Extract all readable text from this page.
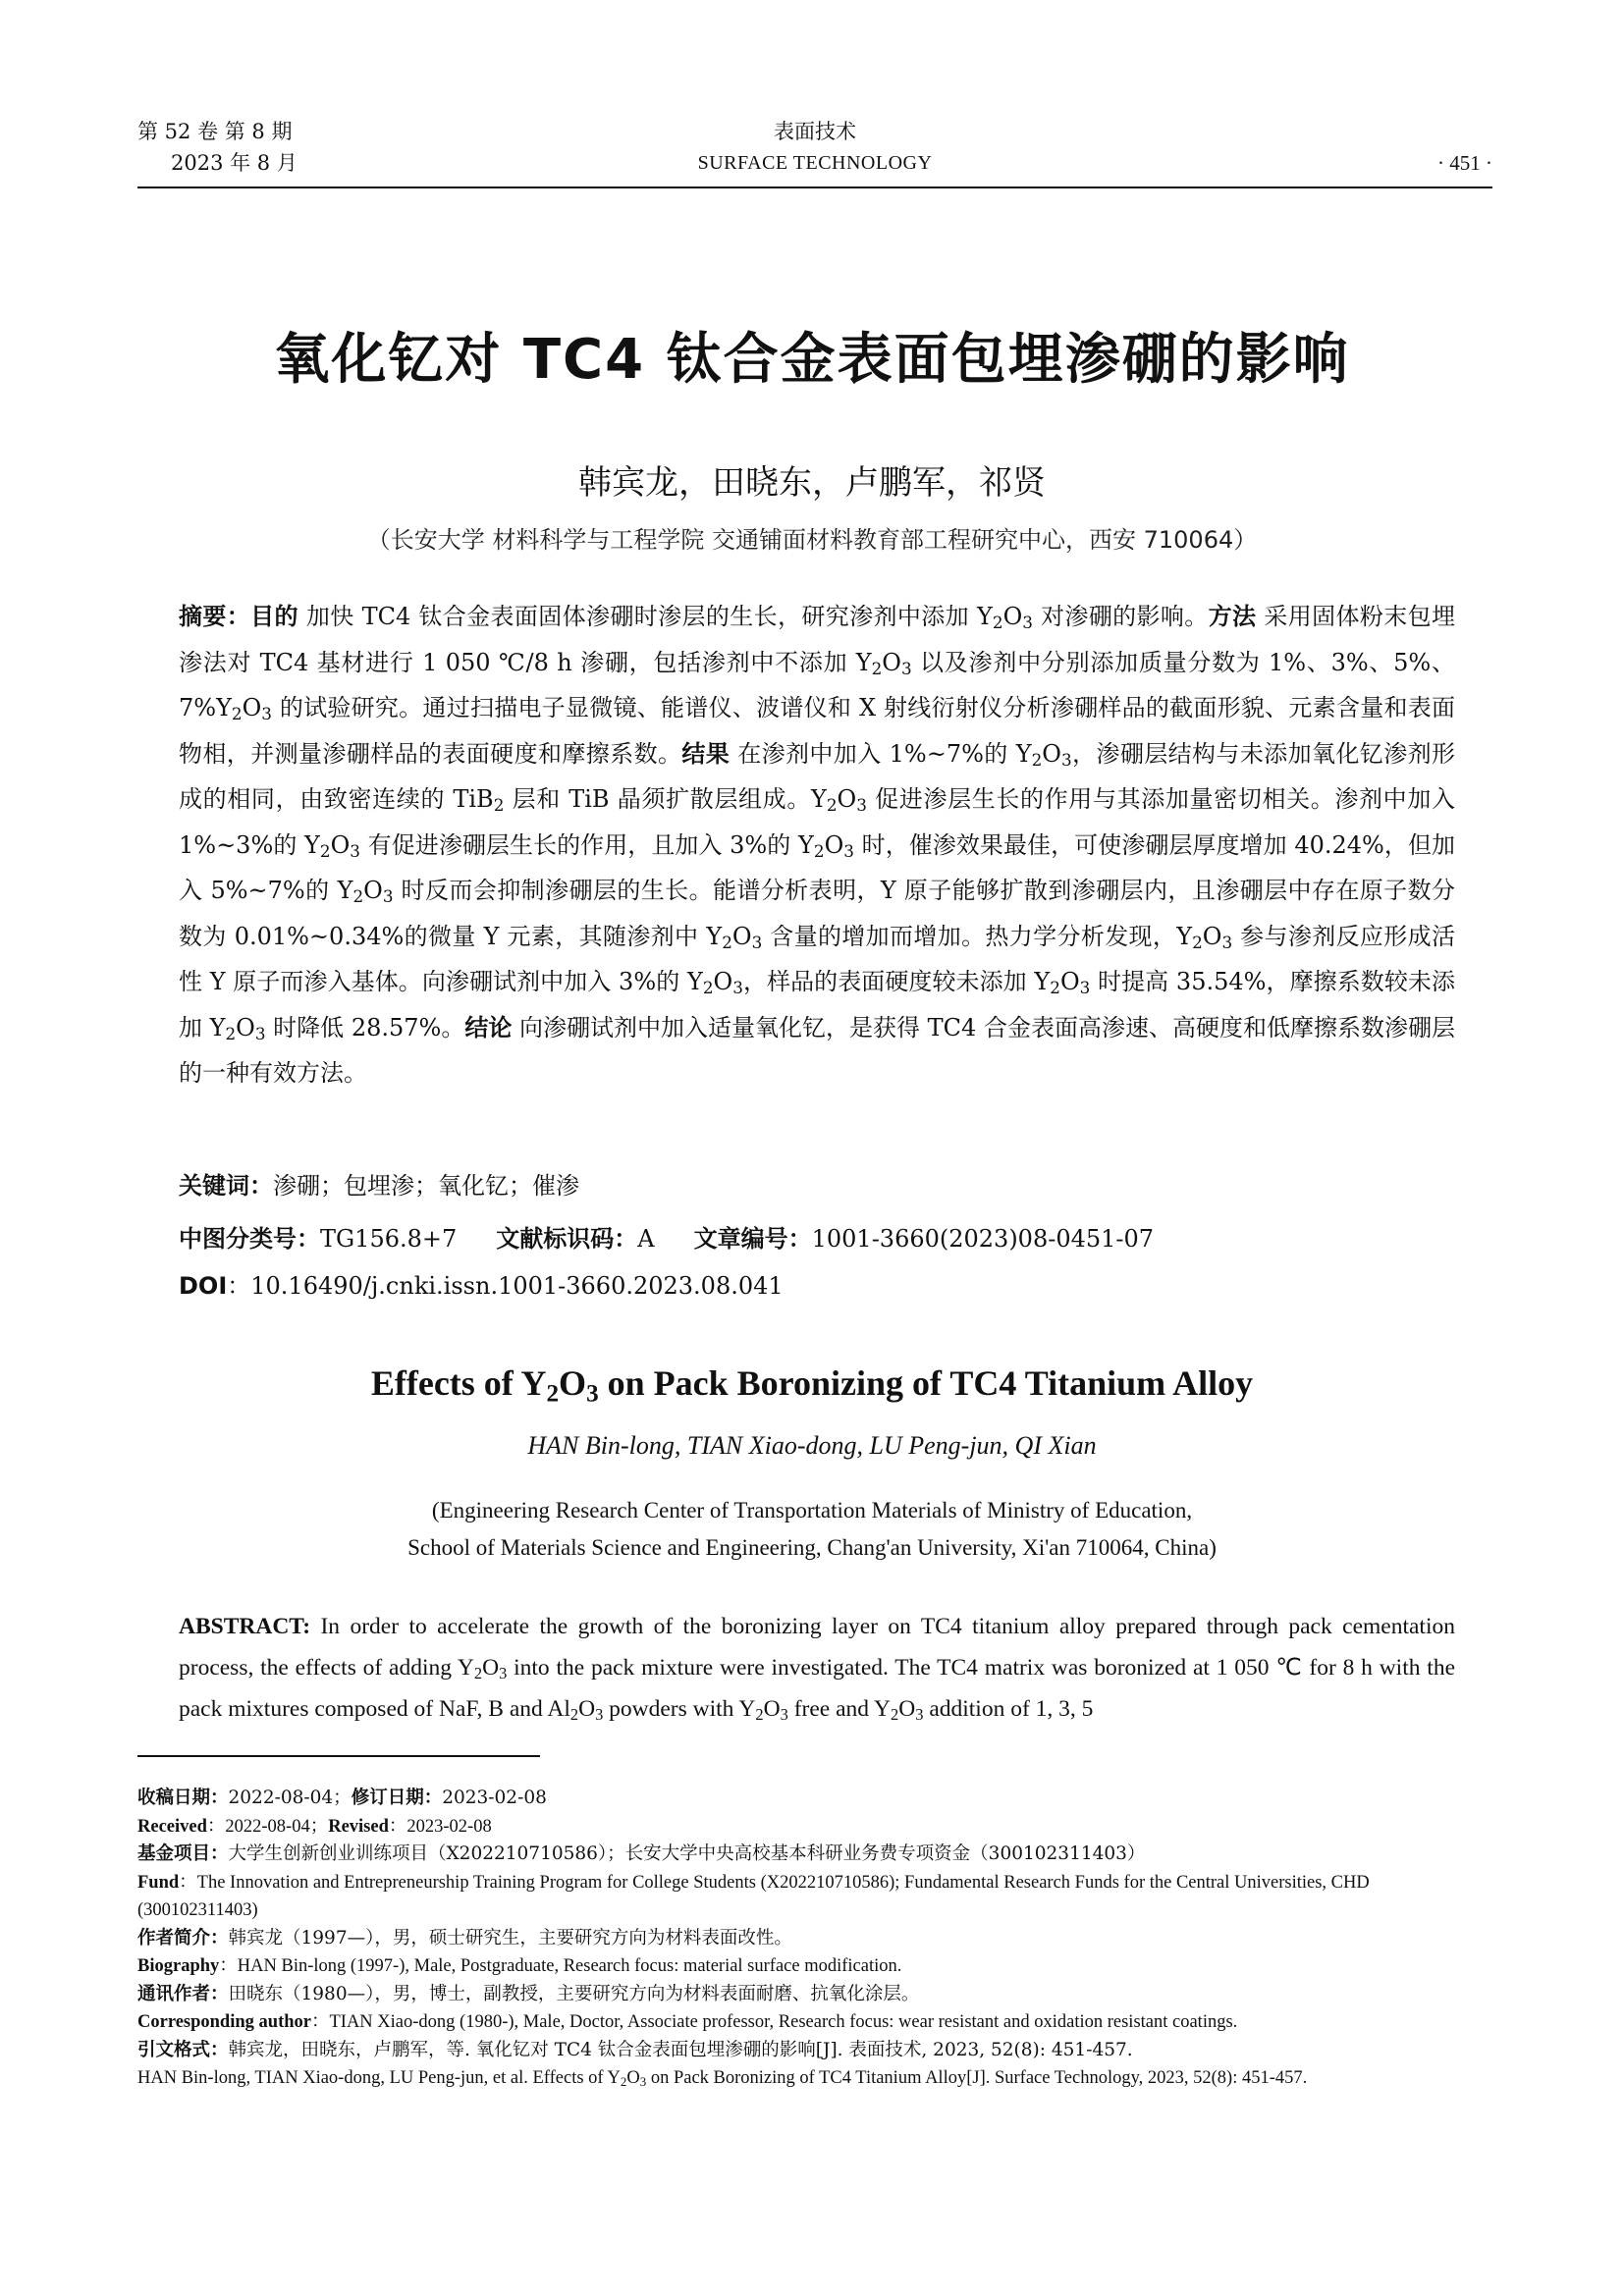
第 52 卷 第 8 期
2023 年 8 月
表面技术
SURFACE TECHNOLOGY	· 451 ·
氧化钇对 TC4 钛合金表面包埋渗硼的影响
韩宾龙，田晓东，卢鹏军，祁贤
（长安大学 材料科学与工程学院 交通铺面材料教育部工程研究中心，西安 710064）
摘要：目的 加快 TC4 钛合金表面固体渗硼时渗层的生长，研究渗剂中添加 $Y_2O_3$ 对渗硼的影响。方法 采用固体粉末包埋渗法对 TC4 基材进行 1 050 ℃/8 h 渗硼，包括渗剂中不添加 $Y_2O_3$ 以及渗剂中分别添加质量分数为 1%、3%、5%、$7\%Y_2O_3$ 的试验研究。通过扫描电子显微镜、能谱仪、波谱仪和 X 射线衍射仪分析渗硼样品的截面形貌、元素含量和表面物相，并测量渗硼样品的表面硬度和摩擦系数。结果 在渗剂中加入 1%~7%的 $Y_2O_3$，渗硼层结构与未添加氧化钇渗剂形成的相同，由致密连续的 TiB$_2$ 层和 TiB 晶须扩散层组成。$Y_2O_3$ 促进渗层生长的作用与其添加量密切相关。渗剂中加入 1%~3%的 $Y_2O_3$ 有促进渗硼层生长的作用，且加入 3%的 $Y_2O_3$ 时，催渗效果最佳，可使渗硼层厚度增加 40.24%，但加入 5%~7%的 $Y_2O_3$ 时反而会抑制渗硼层的生长。能谱分析表明，Y 原子能够扩散到渗硼层内，且渗硼层中存在原子数分数为 0.01%~0.34%的微量 Y 元素，其随渗剂中 $Y_2O_3$ 含量的增加而增加。热力学分析发现，$Y_2O_3$ 参与渗剂反应形成活性 Y 原子而渗入基体。向渗硼试剂中加入 3%的 $Y_2O_3$，样品的表面硬度较未添加 $Y_2O_3$ 时提高 35.54%，摩擦系数较未添加 $Y_2O_3$ 时降低 28.57%。结论 向渗硼试剂中加入适量氧化钇，是获得 TC4 合金表面高渗速、高硬度和低摩擦系数渗硼层的一种有效方法。
关键词：渗硼；包埋渗；氧化钇；催渗
中图分类号：TG156.8+7 文献标识码：A 文章编号：1001-3660(2023)08-0451-07
DOI：10.16490/j.cnki.issn.1001-3660.2023.08.041
Effects of $Y_2O_3$ on Pack Boronizing of TC4 Titanium Alloy
HAN Bin-long, TIAN Xiao-dong, LU Peng-jun, QI Xian
(Engineering Research Center of Transportation Materials of Ministry of Education,
School of Materials Science and Engineering, Chang'an University, Xi'an 710064, China)
ABSTRACT: In order to accelerate the growth of the boronizing layer on TC4 titanium alloy prepared through pack cementation process, the effects of adding $Y_2O_3$ into the pack mixture were investigated. The TC4 matrix was boronized at 1 050 ℃ for 8 h with the pack mixtures composed of NaF, B and $Al_2O_3$ powders with $Y_2O_3$ free and $Y_2O_3$ addition of 1, 3, 5
收稿日期：2022-08-04；修订日期：2023-02-08
Received：2022-08-04；Revised：2023-02-08
基金项目：大学生创新创业训练项目（X202210710586）；长安大学中央高校基本科研业务费专项资金（300102311403）
Fund：The Innovation and Entrepreneurship Training Program for College Students (X202210710586); Fundamental Research Funds for the Central Universities, CHD (300102311403)
作者简介：韩宾龙（1997—），男，硕士研究生，主要研究方向为材料表面改性。
Biography：HAN Bin-long (1997-), Male, Postgraduate, Research focus: material surface modification.
通讯作者：田晓东（1980—），男，博士，副教授，主要研究方向为材料表面耐磨、抗氧化涂层。
Corresponding author：TIAN Xiao-dong (1980-), Male, Doctor, Associate professor, Research focus: wear resistant and oxidation resistant coatings.
引文格式：韩宾龙，田晓东，卢鹏军，等. 氧化钇对 TC4 钛合金表面包埋渗硼的影响[J]. 表面技术, 2023, 52(8): 451-457.
HAN Bin-long, TIAN Xiao-dong, LU Peng-jun, et al. Effects of $Y_2O_3$ on Pack Boronizing of TC4 Titanium Alloy[J]. Surface Technology, 2023, 52(8): 451-457.
